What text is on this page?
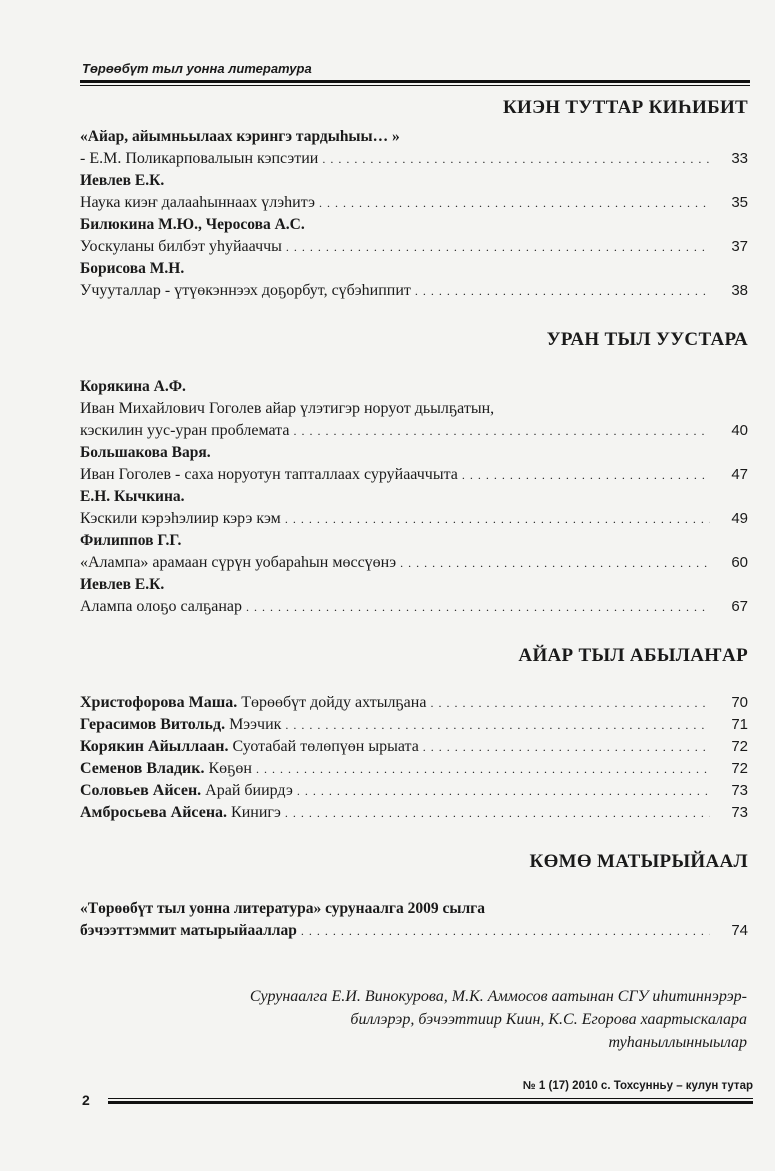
Төрөөбүт тыл уонна литература
КИЭН ТУТТАР КИҺИБИТ
«Айар, айымньылаах кэрингэ тардыһыы… »
- Е.М. Поликарповалыын кэпсэтии . . .	33
Иевлев Е.К.
Наука киэҥ далааһыннаах үлэһитэ . . .	35
Билюкина М.Ю., Черосова А.С.
Уоскуланы билбэт уһуйааччы . . .	37
Борисова М.Н.
Учууталлар - үтүөкэннээх доҕорбут, сүбэһиппит . . .	38
УРАН ТЫЛ УУСТАРА
Корякина А.Ф.
Иван Михайлович Гоголев айар үлэтигэр норуот дьылҕатын,
кэскилин уус-уран проблемата . . .	40
Большакова Варя.
Иван Гоголев - саха норуотун тапталлаах суруйааччыта . . .	47
Е.Н. Кычкина.
Кэскили кэрэһэлиир кэрэ кэм . . .	49
Филиппов Г.Г.
«Алампа» арамаан сүрүн уобараһын мөссүөнэ . . .	60
Иевлев Е.К.
Алампа олоҕо салҕанар . . .	67
АЙАР ТЫЛ АБЫЛАҤАР
Христофорова Маша. Төрөөбүт дойду ахтылҕана . . .	70
Герасимов Витольд. Мээчик . . .	71
Корякин Айыллаан. Суотабай төлөпүөн ырыата . . .	72
Семенов Владик. Көҕөн . . .	72
Соловьев Айсен. Арай биирдэ . . .	73
Амбросьева Айсена. Кинигэ . . .	73
КӨМӨ МАТЫРЫЙААЛ
«Төрөөбүт тыл уонна литература» сурунаалга 2009 сылга
бэчээттэммит матырыйааллар . . .	74
Сурунаалга Е.И. Винокурова, М.К. Аммосов аатынан СГУ иһитиннэрэр-
биллэрэр, бэчээттиир Киин, К.С. Егорова хаартыскалара
туһаныллынныылар
№ 1 (17) 2010 с. Тохсунньу – кулун тутар
2
